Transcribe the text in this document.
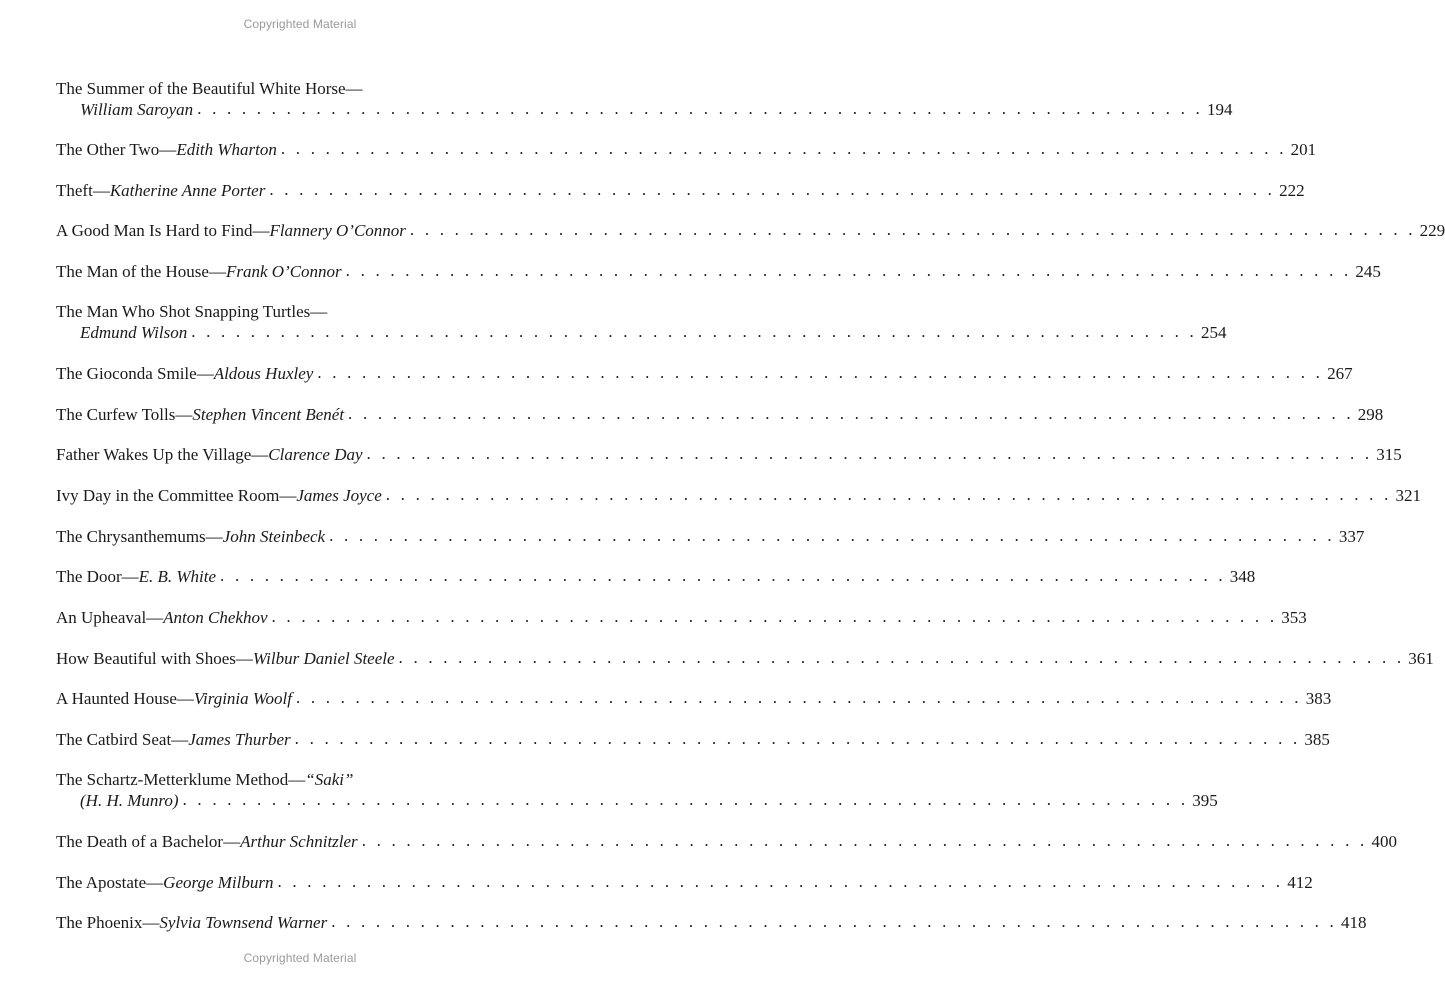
Copyrighted Material
The Summer of the Beautiful White Horse—
William Saroyan . . . . . . . . . . . . . . . . . . . . . . . . . . . . . . . . . . . . . . . . . . . . . . . . . . . . . . . . . . . . . . . . . . . . 194
The Other Two— Edith Wharton . . . . . . . . . . . . . . . . . . . . . . . . . . . . . . . . . . . . . . . . . . . . . . . . . . . . . . . . . . . . . . . . . . . . 201
Theft— Katherine Anne Porter . . . . . . . . . . . . . . . . . . . . . . . . . . . . . . . . . . . . . . . . . . . . . . . . . . . . . . . . . . . . . . . . . . . . 222
A Good Man Is Hard to Find— Flannery O’Connor . . . . . . . . . . . . . . . . . . . . . . . . . . . . . . . . . . . . . . . . . . . . . . . . . . . . . . . . . . . . . . . . . . . . 229
The Man of the House— Frank O’Connor . . . . . . . . . . . . . . . . . . . . . . . . . . . . . . . . . . . . . . . . . . . . . . . . . . . . . . . . . . . . . . . . . . . . 245
The Man Who Shot Snapping Turtles—
Edmund Wilson . . . . . . . . . . . . . . . . . . . . . . . . . . . . . . . . . . . . . . . . . . . . . . . . . . . . . . . . . . . . . . . . . . . . 254
The Gioconda Smile— Aldous Huxley . . . . . . . . . . . . . . . . . . . . . . . . . . . . . . . . . . . . . . . . . . . . . . . . . . . . . . . . . . . . . . . . . . . . 267
The Curfew Tolls— Stephen Vincent Benét . . . . . . . . . . . . . . . . . . . . . . . . . . . . . . . . . . . . . . . . . . . . . . . . . . . . . . . . . . . . . . . . . . . . 298
Father Wakes Up the Village— Clarence Day . . . . . . . . . . . . . . . . . . . . . . . . . . . . . . . . . . . . . . . . . . . . . . . . . . . . . . . . . . . . . . . . . . . . 315
Ivy Day in the Committee Room— James Joyce . . . . . . . . . . . . . . . . . . . . . . . . . . . . . . . . . . . . . . . . . . . . . . . . . . . . . . . . . . . . . . . . . . . . 321
The Chrysanthemums— John Steinbeck . . . . . . . . . . . . . . . . . . . . . . . . . . . . . . . . . . . . . . . . . . . . . . . . . . . . . . . . . . . . . . . . . . . . 337
The Door— E. B. White . . . . . . . . . . . . . . . . . . . . . . . . . . . . . . . . . . . . . . . . . . . . . . . . . . . . . . . . . . . . . . . . . . . . 348
An Upheaval— Anton Chekhov . . . . . . . . . . . . . . . . . . . . . . . . . . . . . . . . . . . . . . . . . . . . . . . . . . . . . . . . . . . . . . . . . . . . 353
How Beautiful with Shoes— Wilbur Daniel Steele . . . . . . . . . . . . . . . . . . . . . . . . . . . . . . . . . . . . . . . . . . . . . . . . . . . . . . . . . . . . . . . . . . . . 361
A Haunted House— Virginia Woolf . . . . . . . . . . . . . . . . . . . . . . . . . . . . . . . . . . . . . . . . . . . . . . . . . . . . . . . . . . . . . . . . . . . . 383
The Catbird Seat— James Thurber . . . . . . . . . . . . . . . . . . . . . . . . . . . . . . . . . . . . . . . . . . . . . . . . . . . . . . . . . . . . . . . . . . . . 385
The Schartz-Metterklume Method— “Saki”
(H. H. Munro) . . . . . . . . . . . . . . . . . . . . . . . . . . . . . . . . . . . . . . . . . . . . . . . . . . . . . . . . . . . . . . . . . . . . 395
The Death of a Bachelor— Arthur Schnitzler . . . . . . . . . . . . . . . . . . . . . . . . . . . . . . . . . . . . . . . . . . . . . . . . . . . . . . . . . . . . . . . . . . . . 400
The Apostate— George Milburn . . . . . . . . . . . . . . . . . . . . . . . . . . . . . . . . . . . . . . . . . . . . . . . . . . . . . . . . . . . . . . . . . . . . 412
The Phoenix— Sylvia Townsend Warner . . . . . . . . . . . . . . . . . . . . . . . . . . . . . . . . . . . . . . . . . . . . . . . . . . . . . . . . . . . . . . . . . . . . 418
Copyrighted Material
